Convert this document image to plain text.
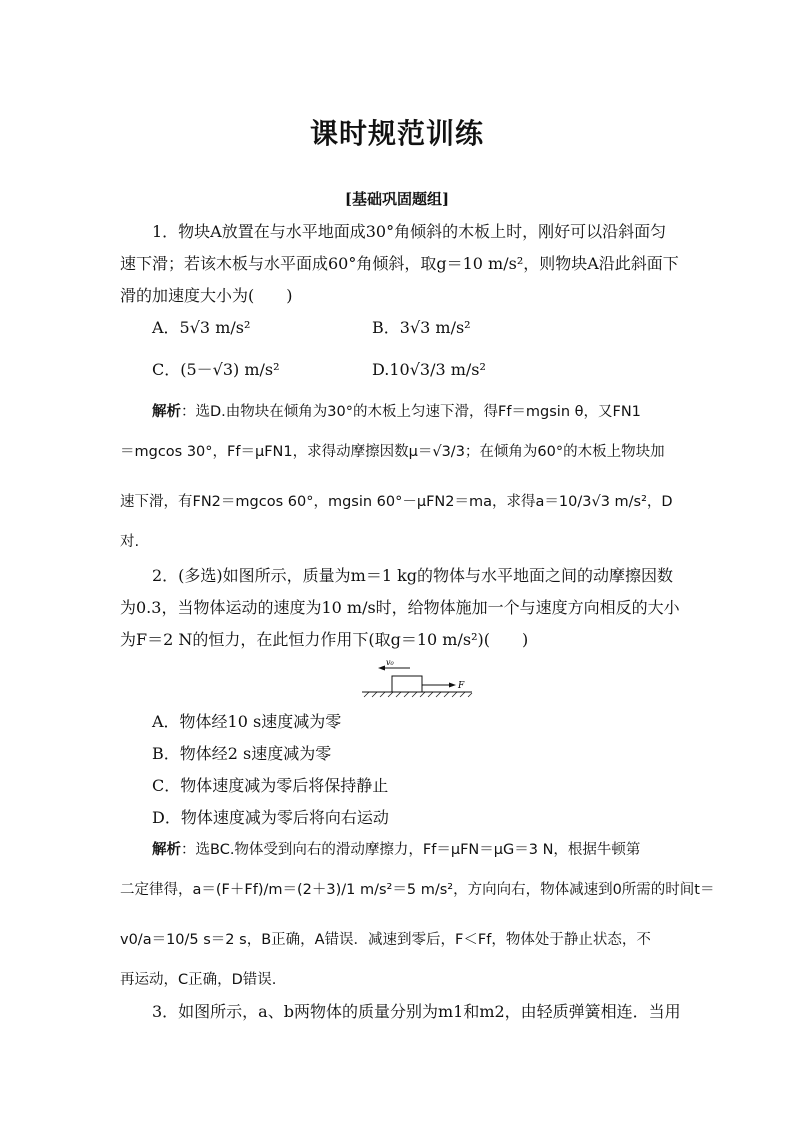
课时规范训练
[基础巩固题组]
1．物块A放置在与水平地面成30°角倾斜的木板上时，刚好可以沿斜面匀
速下滑；若该木板与水平面成60°角倾斜，取g＝10 m/s²，则物块A沿此斜面下
滑的加速度大小为(　　)
A．5√3 m/s²	B．3√3 m/s²
C．(5－√3) m/s²	D.10√3/3 m/s²
解析：选D.由物块在倾角为30°的木板上匀速下滑，得Ff＝mgsin θ，又FN1
＝mgcos 30°，Ff＝μFN1，求得动摩擦因数μ＝√3/3；在倾角为60°的木板上物块加
速下滑，有FN2＝mgcos 60°，mgsin 60°－μFN2＝ma，求得a＝10/3√3 m/s²，D
对.
2．(多选)如图所示，质量为m＝1 kg的物体与水平地面之间的动摩擦因数
为0.3，当物体运动的速度为10 m/s时，给物体施加一个与速度方向相反的大小
为F＝2 N的恒力，在此恒力作用下(取g＝10 m/s²)(　　)
v₀
F
A．物体经10 s速度减为零
B．物体经2 s速度减为零
C．物体速度减为零后将保持静止
D．物体速度减为零后将向右运动
解析：选BC.物体受到向右的滑动摩擦力，Ff＝μFN＝μG＝3 N，根据牛顿第
二定律得，a＝(F＋Ff)/m＝(2＋3)/1 m/s²＝5 m/s²，方向向右，物体减速到0所需的时间t＝
v0/a＝10/5 s＝2 s，B正确，A错误．减速到零后，F＜Ff，物体处于静止状态，不
再运动，C正确，D错误.
3．如图所示，a、b两物体的质量分别为m1和m2，由轻质弹簧相连．当用
